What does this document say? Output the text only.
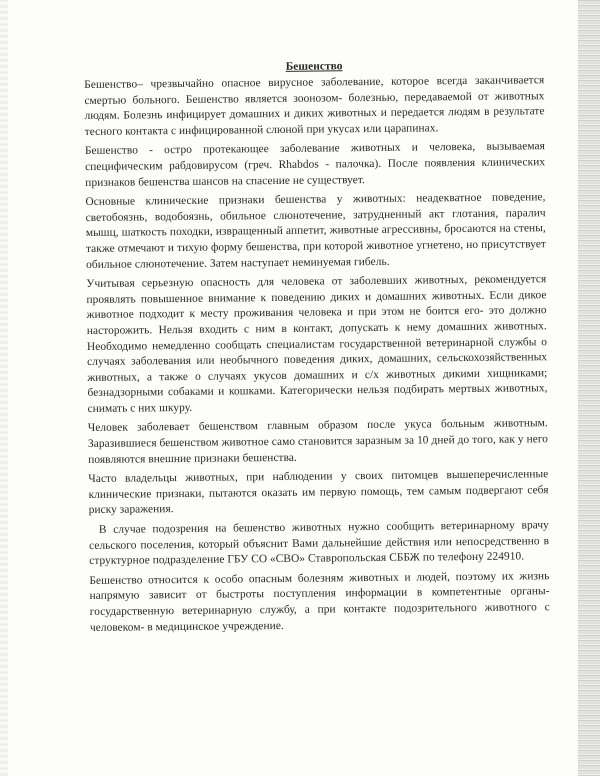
Бешенство

Бешенство– чрезвычайно опасное вирусное заболевание, которое всегда заканчивается смертью больного. Бешенство является зоонозом- болезнью, передаваемой от животных людям. Болезнь инфицирует домашних и диких животных и передается людям в результате тесного контакта с инфицированной слюной при укусах или царапинах.

Бешенство - остро протекающее заболевание животных и человека, вызываемая специфическим рабдовирусом (греч. Rhabdos - палочка). После появления клинических признаков бешенства шансов на спасение не существует.

Основные клинические признаки бешенства у животных: неадекватное поведение, светобоязнь, водобоязнь, обильное слюнотечение, затрудненный акт глотания, паралич мышц, шаткость походки, извращенный аппетит, животные агрессивны, бросаются на стены, также отмечают и тихую форму бешенства, при которой животное угнетено, но присутствует обильное слюнотечение. Затем наступает неминуемая гибель.

Учитывая серьезную опасность для человека от заболевших животных, рекомендуется проявлять повышенное внимание к поведению диких и домашних животных. Если дикое животное подходит к месту проживания человека и при этом не боится его- это должно насторожить. Нельзя входить с ним в контакт, допускать к нему домашних животных. Необходимо немедленно сообщать специалистам государственной ветеринарной службы о случаях заболевания или необычного поведения диких, домашних, сельскохозяйственных животных, а также о случаях укусов домашних и с/х животных дикими хищниками; безнадзорными собаками и кошками. Категорически нельзя подбирать мертвых животных, снимать с них шкуру.

Человек заболевает бешенством главным образом после укуса больным животным. Заразившиеся бешенством животное само становится заразным за 10 дней до того, как у него появляются внешние признаки бешенства.

Часто владельцы животных, при наблюдении у своих питомцев вышеперечисленные клинические признаки, пытаются оказать им первую помощь, тем самым подвергают себя риску заражения.

В случае подозрения на бешенство животных нужно сообщить ветеринарному врачу сельского поселения, который объяснит Вами дальнейшие действия или непосредственно в структурное подразделение ГБУ СО «СВО» Ставропольская СББЖ по телефону 224910.

Бешенство относится к особо опасным болезням животных и людей, поэтому их жизнь напрямую зависит от быстроты поступления информации в компетентные органы- государственную ветеринарную службу, а при контакте подозрительного животного с человеком- в медицинское учреждение.
